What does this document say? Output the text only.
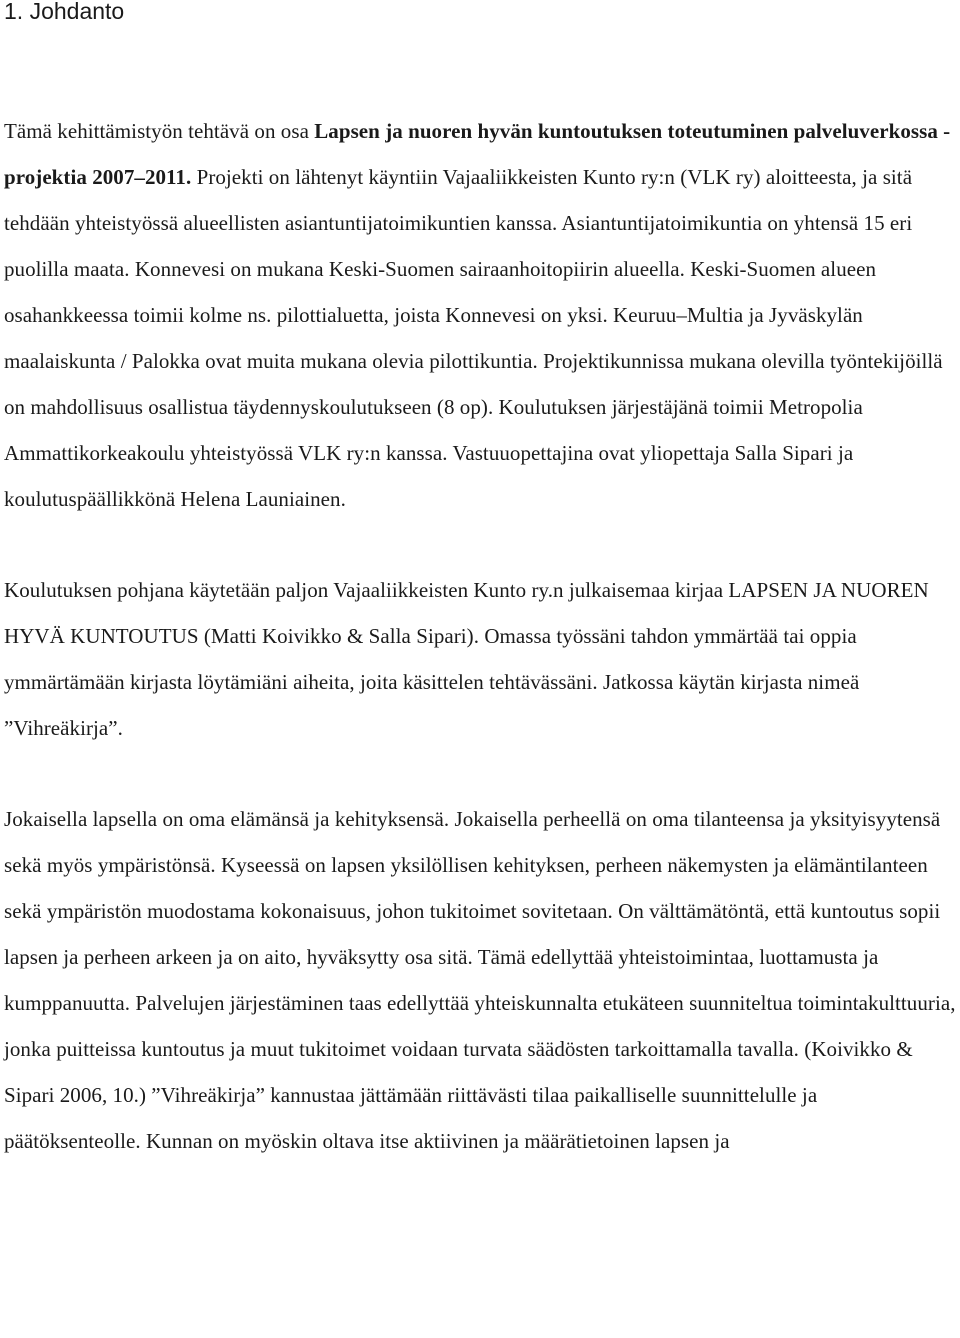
1. Johdanto

Tämä kehittämistyön tehtävä on osa Lapsen ja nuoren hyvän kuntoutuksen toteutuminen palveluverkossa -projektia 2007–2011. Projekti on lähtenyt käyntiin Vajaaliikkeisten Kunto ry:n (VLK ry) aloitteesta, ja sitä tehdään yhteistyössä alueellisten asiantuntijatoimikuntien kanssa. Asiantuntijatoimikuntia on yhtensä 15 eri puolilla maata. Konnevesi on mukana Keski-Suomen sairaanhoitopiirin alueella. Keski-Suomen alueen osahankkeessa toimii kolme ns. pilottialuetta, joista Konnevesi on yksi. Keuruu–Multia ja Jyväskylän maalaiskunta / Palokka ovat muita mukana olevia pilottikuntia. Projektikunnissa mukana olevilla työntekijöillä on mahdollisuus osallistua täydennyskoulutukseen (8 op). Koulutuksen järjestäjänä toimii Metropolia Ammattikorkeakoulu yhteistyössä VLK ry:n kanssa. Vastuuopettajina ovat yliopettaja Salla Sipari ja koulutuspäällikkönä Helena Launiainen.

Koulutuksen pohjana käytetään paljon Vajaaliikkeisten Kunto ry.n julkaisemaa kirjaa LAPSEN JA NUOREN HYVÄ KUNTOUTUS (Matti Koivikko & Salla Sipari). Omassa työssäni tahdon ymmärtää tai oppia ymmärtämään kirjasta löytämiäni aiheita, joita käsittelen tehtävässäni. Jatkossa käytän kirjasta nimeä ”Vihreäkirja”.

Jokaisella lapsella on oma elämänsä ja kehityksensä. Jokaisella perheellä on oma tilanteensa ja yksityisyytensä sekä myös ympäristönsä. Kyseessä on lapsen yksilöllisen kehityksen, perheen näkemysten ja elämäntilanteen sekä ympäristön muodostama kokonaisuus, johon tukitoimet sovitetaan. On välttämätöntä, että kuntoutus sopii lapsen ja perheen arkeen ja on aito, hyväksytty osa sitä. Tämä edellyttää yhteistoimintaa, luottamusta ja kumppanuutta. Palvelujen järjestäminen taas edellyttää yhteiskunnalta etukäteen suunniteltua toimintakulttuuria, jonka puitteissa kuntoutus ja muut tukitoimet voidaan turvata säädösten tarkoittamalla tavalla. (Koivikko & Sipari 2006, 10.) ”Vihreäkirja” kannustaa jättämään riittävästi tilaa paikalliselle suunnittelulle ja päätöksenteolle. Kunnan on myöskin oltava itse aktiivinen ja määrätietoinen lapsen ja
